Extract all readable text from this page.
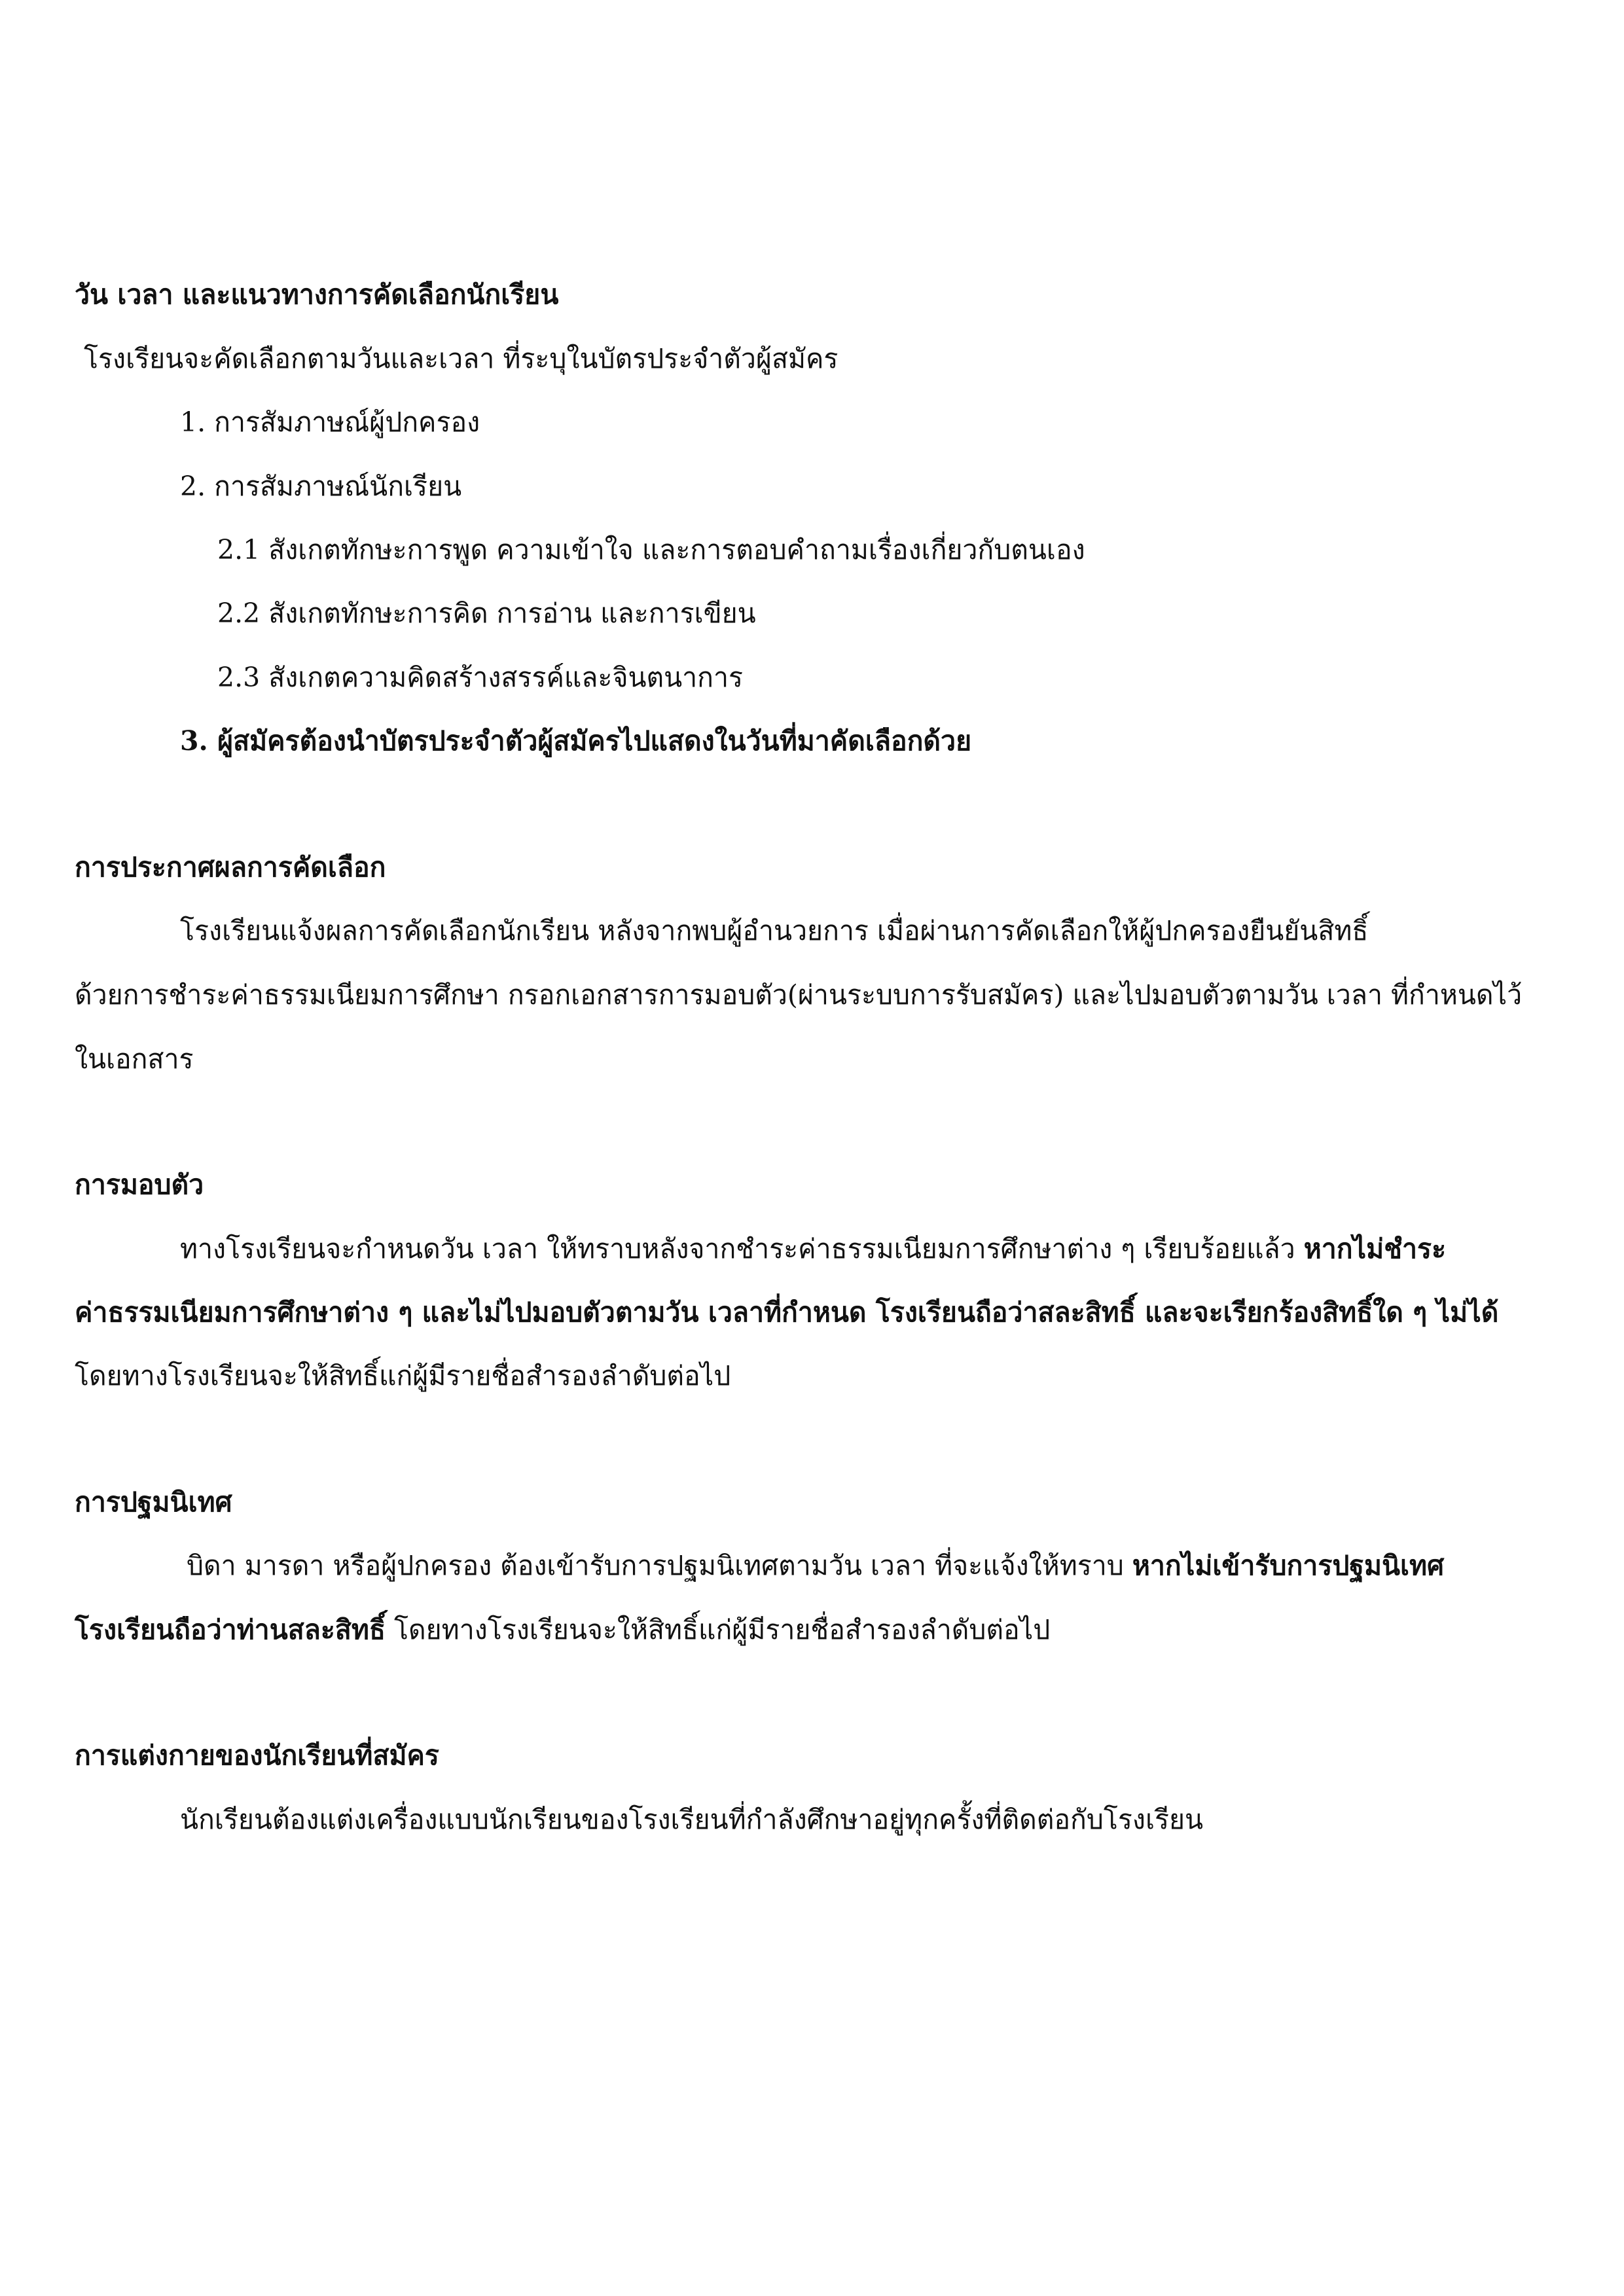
วัน เวลา และแนวทางการคัดเลือกนักเรียน
โรงเรียนจะคัดเลือกตามวันและเวลา ที่ระบุในบัตรประจำตัวผู้สมัคร
1. การสัมภาษณ์ผู้ปกครอง
2. การสัมภาษณ์นักเรียน
2.1 สังเกตทักษะการพูด ความเข้าใจ และการตอบคำถามเรื่องเกี่ยวกับตนเอง
2.2 สังเกตทักษะการคิด การอ่าน และการเขียน
2.3 สังเกตความคิดสร้างสรรค์และจินตนาการ
3. ผู้สมัครต้องนำบัตรประจำตัวผู้สมัครไปแสดงในวันที่มาคัดเลือกด้วย
การประกาศผลการคัดเลือก
โรงเรียนแจ้งผลการคัดเลือกนักเรียน หลังจากพบผู้อำนวยการ เมื่อผ่านการคัดเลือกให้ผู้ปกครองยืนยันสิทธิ์
ด้วยการชำระค่าธรรมเนียมการศึกษา กรอกเอกสารการมอบตัว(ผ่านระบบการรับสมัคร) และไปมอบตัวตามวัน เวลา ที่กำหนดไว้
ในเอกสาร
การมอบตัว
ทางโรงเรียนจะกำหนดวัน เวลา ให้ทราบหลังจากชำระค่าธรรมเนียมการศึกษาต่าง ๆ เรียบร้อยแล้ว หากไม่ชำระ
ค่าธรรมเนียมการศึกษาต่าง ๆ และไม่ไปมอบตัวตามวัน เวลาที่กำหนด โรงเรียนถือว่าสละสิทธิ์ และจะเรียกร้องสิทธิ์ใด ๆ ไม่ได้
โดยทางโรงเรียนจะให้สิทธิ์แก่ผู้มีรายชื่อสำรองลำดับต่อไป
การปฐมนิเทศ
บิดา มารดา หรือผู้ปกครอง ต้องเข้ารับการปฐมนิเทศตามวัน เวลา ที่จะแจ้งให้ทราบ หากไม่เข้ารับการปฐมนิเทศ
โรงเรียนถือว่าท่านสละสิทธิ์ โดยทางโรงเรียนจะให้สิทธิ์แก่ผู้มีรายชื่อสำรองลำดับต่อไป
การแต่งกายของนักเรียนที่สมัคร
นักเรียนต้องแต่งเครื่องแบบนักเรียนของโรงเรียนที่กำลังศึกษาอยู่ทุกครั้งที่ติดต่อกับโรงเรียน
